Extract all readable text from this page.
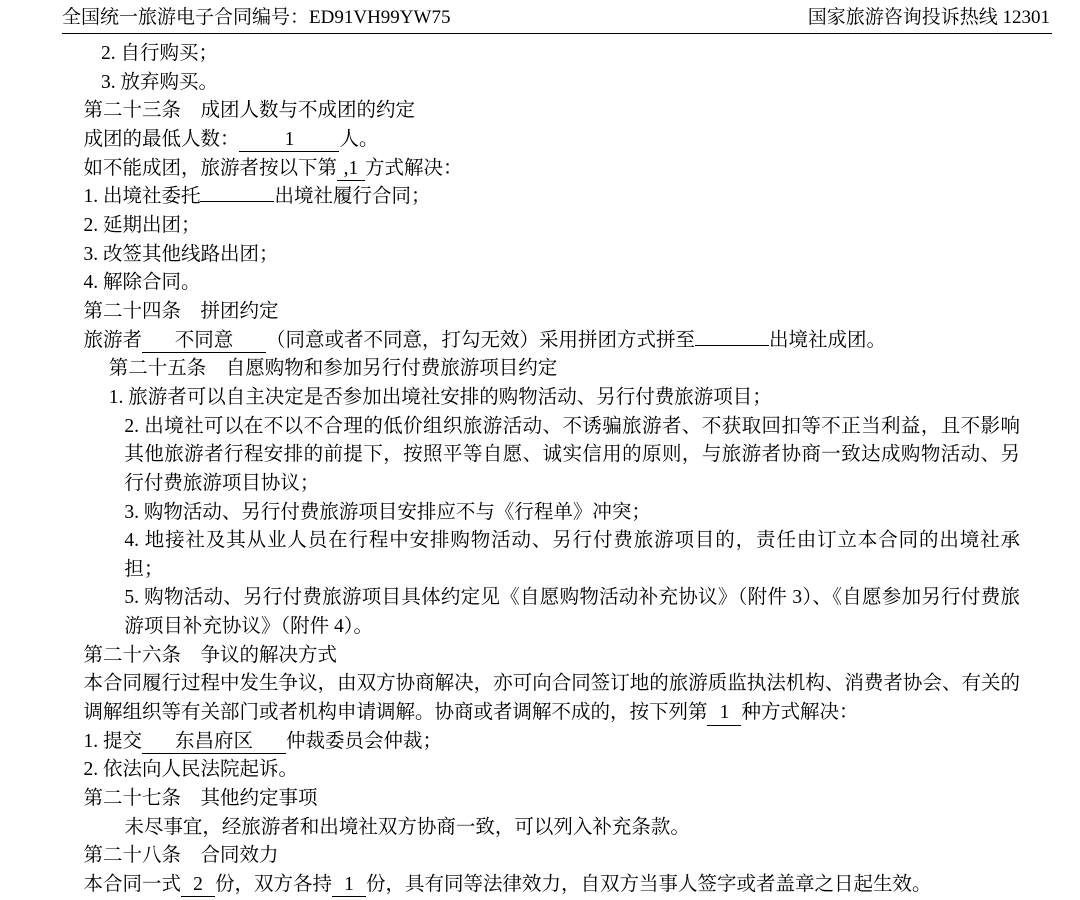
全国统一旅游电子合同编号：ED91VH99YW75	国家旅游咨询投诉热线 12301

2. 自行购买；

3. 放弃购买。

第二十三条　成团人数与不成团的约定

成团的最低人数： 1 人。

如不能成团，旅游者按以下第 ,1 方式解决：

1. 出境社委托	出境社履行合同；

2. 延期出团；

3. 改签其他线路出团；

4. 解除合同。

第二十四条　拼团约定

旅游者 不同意 （同意或者不同意，打勾无效）采用拼团方式拼至	出境社成团。

第二十五条　自愿购物和参加另行付费旅游项目约定

1. 旅游者可以自主决定是否参加出境社安排的购物活动、另行付费旅游项目；

2. 出境社可以在不以不合理的低价组织旅游活动、不诱骗旅游者、不获取回扣等不正当利益，且不影响其他旅游者行程安排的前提下，按照平等自愿、诚实信用的原则，与旅游者协商一致达成购物活动、另行付费旅游项目协议；

3. 购物活动、另行付费旅游项目安排应不与《行程单》冲突；

4. 地接社及其从业人员在行程中安排购物活动、另行付费旅游项目的，责任由订立本合同的出境社承担；

5. 购物活动、另行付费旅游项目具体约定见《自愿购物活动补充协议》（附件 3）、《自愿参加另行付费旅游项目补充协议》（附件 4）。

第二十六条　争议的解决方式

本合同履行过程中发生争议，由双方协商解决，亦可向合同签订地的旅游质监执法机构、消费者协会、有关的调解组织等有关部门或者机构申请调解。协商或者调解不成的，按下列第 1 种方式解决：

1. 提交 东昌府区 仲裁委员会仲裁；

2. 依法向人民法院起诉。

第二十七条　其他约定事项

未尽事宜，经旅游者和出境社双方协商一致，可以列入补充条款。

第二十八条　合同效力

本合同一式 2 份，双方各持 1 份，具有同等法律效力，自双方当事人签字或者盖章之日起生效。
